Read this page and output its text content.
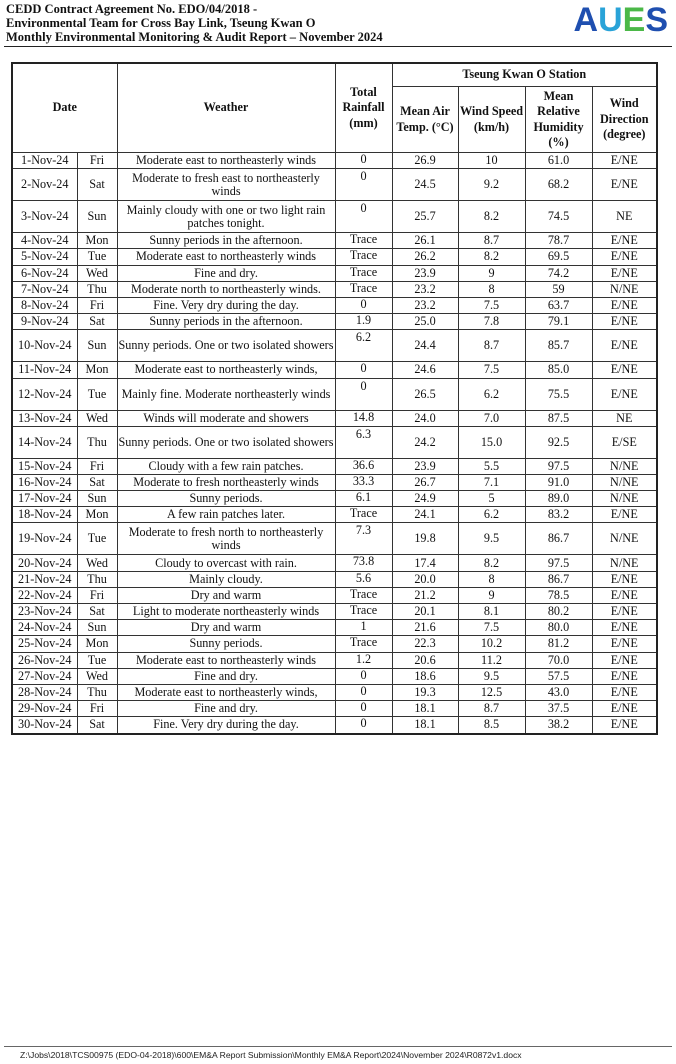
CEDD Contract Agreement No. EDO/04/2018 -
Environmental Team for Cross Bay Link, Tseung Kwan O
Monthly Environmental Monitoring & Audit Report – November 2024	AUES
Date		Weather	Total Rainfall (mm)	Tseung Kwan O Station			
				Mean Air Temp. (°C)	Wind Speed (km/h)	Mean Relative Humidity (%)	Wind Direction (degree)
1-Nov-24	Fri	Moderate east to northeasterly winds	0	26.9	10	61.0	E/NE
2-Nov-24	Sat	Moderate to fresh east to northeasterly winds	0	24.5	9.2	68.2	E/NE
3-Nov-24	Sun	Mainly cloudy with one or two light rain patches tonight.	0	25.7	8.2	74.5	NE
4-Nov-24	Mon	Sunny periods in the afternoon.	Trace	26.1	8.7	78.7	E/NE
5-Nov-24	Tue	Moderate east to northeasterly winds	Trace	26.2	8.2	69.5	E/NE
6-Nov-24	Wed	Fine and dry.	Trace	23.9	9	74.2	E/NE
7-Nov-24	Thu	Moderate north to northeasterly winds.	Trace	23.2	8	59	N/NE
8-Nov-24	Fri	Fine. Very dry during the day.	0	23.2	7.5	63.7	E/NE
9-Nov-24	Sat	Sunny periods in the afternoon.	1.9	25.0	7.8	79.1	E/NE
10-Nov-24	Sun	Sunny periods. One or two isolated showers	6.2	24.4	8.7	85.7	E/NE
11-Nov-24	Mon	Moderate east to northeasterly winds,	0	24.6	7.5	85.0	E/NE
12-Nov-24	Tue	Mainly fine. Moderate northeasterly winds	0	26.5	6.2	75.5	E/NE
13-Nov-24	Wed	Winds will moderate and showers	14.8	24.0	7.0	87.5	NE
14-Nov-24	Thu	Sunny periods. One or two isolated showers	6.3	24.2	15.0	92.5	E/SE
15-Nov-24	Fri	Cloudy with a few rain patches.	36.6	23.9	5.5	97.5	N/NE
16-Nov-24	Sat	Moderate to fresh northeasterly winds	33.3	26.7	7.1	91.0	N/NE
17-Nov-24	Sun	Sunny periods.	6.1	24.9	5	89.0	N/NE
18-Nov-24	Mon	A few rain patches later.	Trace	24.1	6.2	83.2	E/NE
19-Nov-24	Tue	Moderate to fresh north to northeasterly winds	7.3	19.8	9.5	86.7	N/NE
20-Nov-24	Wed	Cloudy to overcast with rain.	73.8	17.4	8.2	97.5	N/NE
21-Nov-24	Thu	Mainly cloudy.	5.6	20.0	8	86.7	E/NE
22-Nov-24	Fri	Dry and warm	Trace	21.2	9	78.5	E/NE
23-Nov-24	Sat	Light to moderate northeasterly winds	Trace	20.1	8.1	80.2	E/NE
24-Nov-24	Sun	Dry and warm	1	21.6	7.5	80.0	E/NE
25-Nov-24	Mon	Sunny periods.	Trace	22.3	10.2	81.2	E/NE
26-Nov-24	Tue	Moderate east to northeasterly winds	1.2	20.6	11.2	70.0	E/NE
27-Nov-24	Wed	Fine and dry.	0	18.6	9.5	57.5	E/NE
28-Nov-24	Thu	Moderate east to northeasterly winds,	0	19.3	12.5	43.0	E/NE
29-Nov-24	Fri	Fine and dry.	0	18.1	8.7	37.5	E/NE
30-Nov-24	Sat	Fine. Very dry during the day.	0	18.1	8.5	38.2	E/NE
Z:\Jobs\2018\TCS00975 (EDO-04-2018)\600\EM&A Report Submission\Monthly EM&A Report\2024\November 2024\R0872v1.docx
